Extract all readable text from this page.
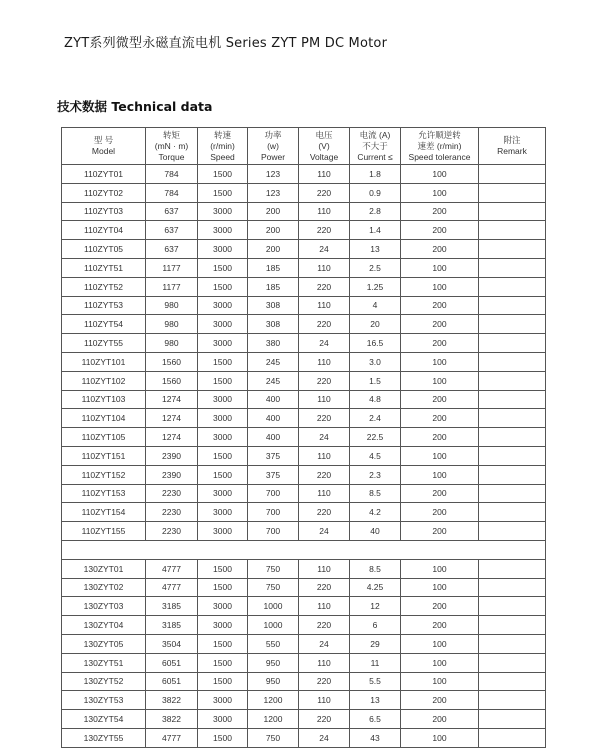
ZYT系列微型永磁直流电机 Series ZYT PM DC Motor
技术数据 Technical data
型 号
Model	转矩
(mN · m)
Torque	转速
(r/min)
Speed	功率
(w)
Power	电压
(V)
Voltage	电流 (A)
不大于
Current ≤	允许顺逆转
速差 (r/min)
Speed tolerance	附注
Remark

110ZYT01	784	1500	123	110	1.8	100	
110ZYT02	784	1500	123	220	0.9	100	
110ZYT03	637	3000	200	110	2.8	200	
110ZYT04	637	3000	200	220	1.4	200	
110ZYT05	637	3000	200	24	13	200	
110ZYT51	1177	1500	185	110	2.5	100	
110ZYT52	1177	1500	185	220	1.25	100	
110ZYT53	980	3000	308	110	4	200	
110ZYT54	980	3000	308	220	20	200	
110ZYT55	980	3000	380	24	16.5	200	
110ZYT101	1560	1500	245	110	3.0	100	
110ZYT102	1560	1500	245	220	1.5	100	
110ZYT103	1274	3000	400	110	4.8	200	
110ZYT104	1274	3000	400	220	2.4	200	
110ZYT105	1274	3000	400	24	22.5	200	
110ZYT151	2390	1500	375	110	4.5	100	
110ZYT152	2390	1500	375	220	2.3	100	
110ZYT153	2230	3000	700	110	8.5	200	
110ZYT154	2230	3000	700	220	4.2	200	
110ZYT155	2230	3000	700	24	40	200	

130ZYT01	4777	1500	750	110	8.5	100	
130ZYT02	4777	1500	750	220	4.25	100	
130ZYT03	3185	3000	1000	110	12	200	
130ZYT04	3185	3000	1000	220	6	200	
130ZYT05	3504	1500	550	24	29	100	
130ZYT51	6051	1500	950	110	11	100	
130ZYT52	6051	1500	950	220	5.5	100	
130ZYT53	3822	3000	1200	110	13	200	
130ZYT54	3822	3000	1200	220	6.5	200	
130ZYT55	4777	1500	750	24	43	100	
